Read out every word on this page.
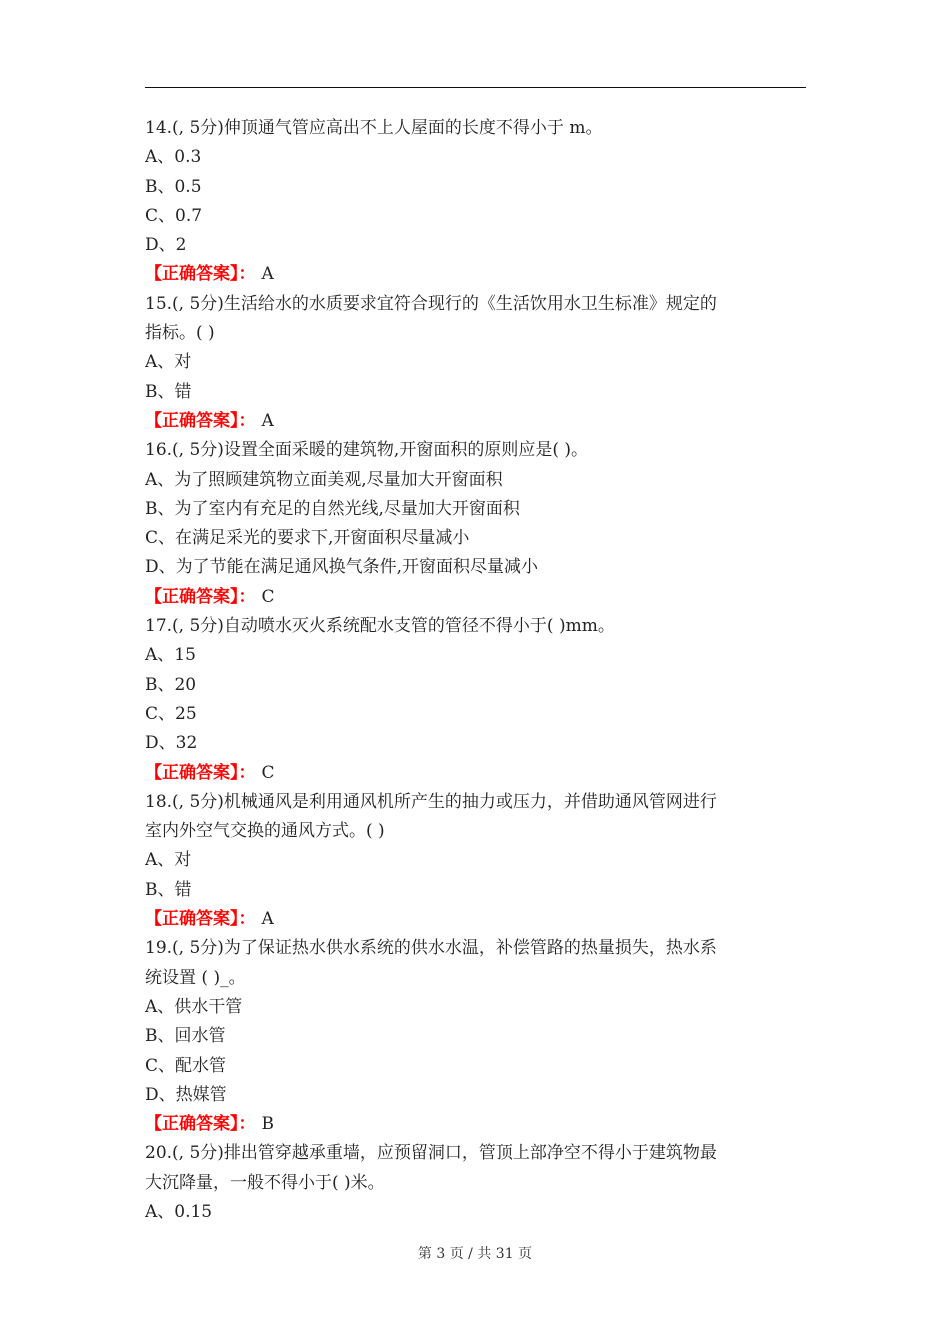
14.(, 5分)伸顶通气管应高出不上人屋面的长度不得小于 m。
A、0.3
B、0.5
C、0.7
D、2
【正确答案】： A
15.(, 5分)生活给水的水质要求宜符合现行的《生活饮用水卫生标准》规定的
指标。( )
A、对
B、错
【正确答案】： A
16.(, 5分)设置全面采暖的建筑物,开窗面积的原则应是( )。
A、为了照顾建筑物立面美观,尽量加大开窗面积
B、为了室内有充足的自然光线,尽量加大开窗面积
C、在满足采光的要求下,开窗面积尽量减小
D、为了节能在满足通风换气条件,开窗面积尽量减小
【正确答案】： C
17.(, 5分)自动喷水灭火系统配水支管的管径不得小于( )mm。
A、15
B、20
C、25
D、32
【正确答案】： C
18.(, 5分)机械通风是利用通风机所产生的抽力或压力，并借助通风管网进行
室内外空气交换的通风方式。( )
A、对
B、错
【正确答案】： A
19.(, 5分)为了保证热水供水系统的供水水温，补偿管路的热量损失，热水系
统设置 ( )_。
A、供水干管
B、回水管
C、配水管
D、热媒管
【正确答案】： B
20.(, 5分)排出管穿越承重墙，应预留洞口，管顶上部净空不得小于建筑物最
大沉降量，一般不得小于( )米。
A、0.15
第 3 页 / 共 31 页
